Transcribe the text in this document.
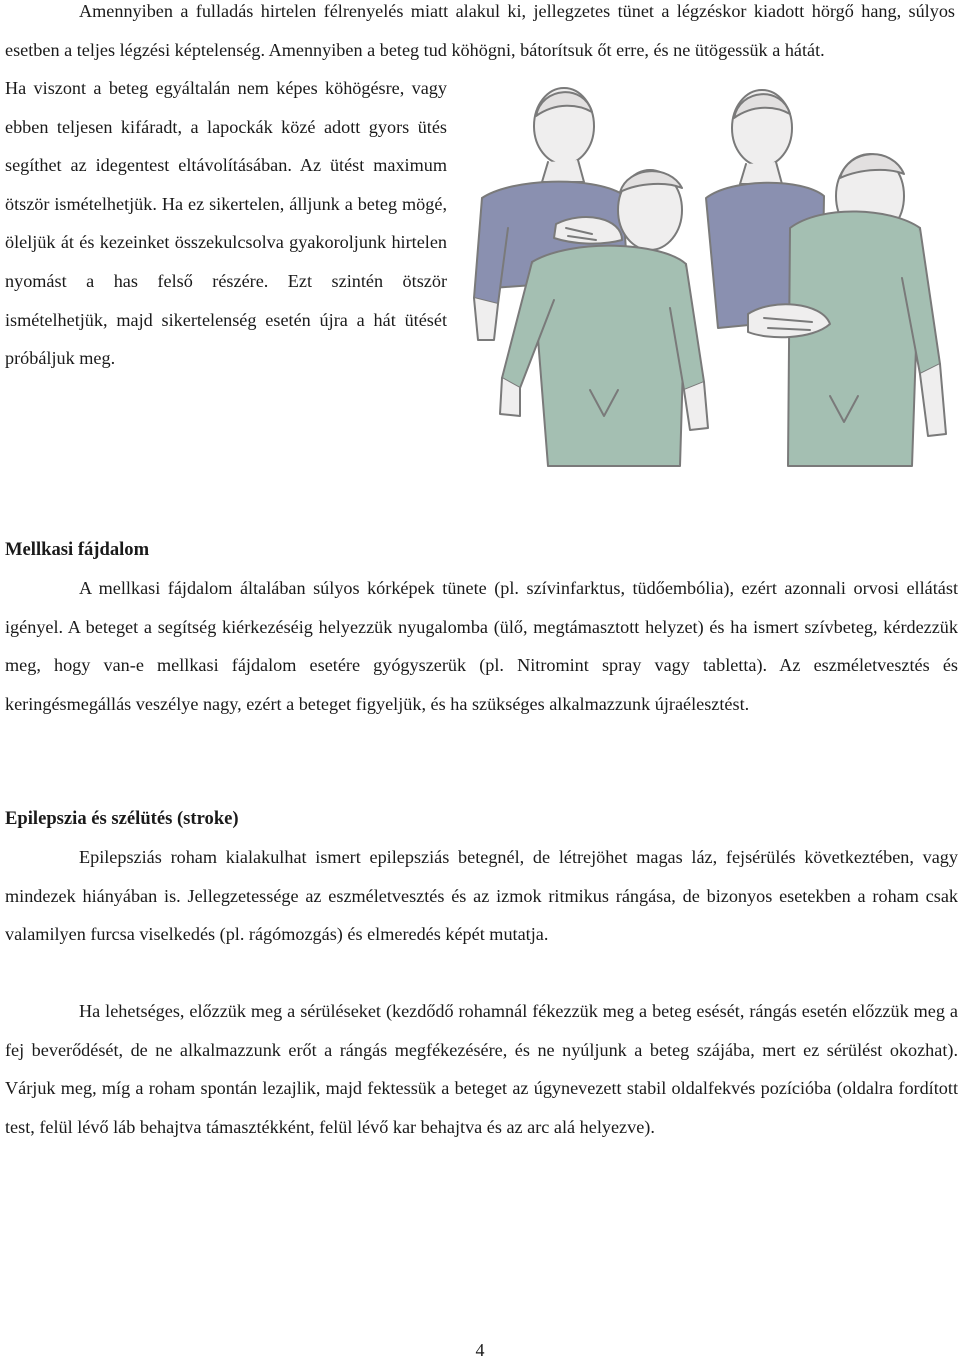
Amennyiben a fulladás hirtelen félrenyelés miatt alakul ki, jellegzetes tünet a légzéskor kiadott hörgő hang, súlyos esetben a teljes légzési képtelenség. Amennyiben a beteg tud köhögni, bátorítsuk őt erre, és ne ütögessük a hátát.

Ha viszont a beteg egyáltalán nem képes köhögésre, vagy ebben teljesen kifáradt, a lapockák közé adott gyors ütés segíthet az idegentest eltávolításában. Az ütést maximum ötször ismételhetjük. Ha ez sikertelen, álljunk a beteg mögé, öleljük át és kezeinket összekulcsolva gyakoroljunk hirtelen nyomást a has felső részére. Ezt szintén ötször ismételhetjük, majd sikertelenség esetén újra a hát ütését próbáljuk meg.

Mellkasi fájdalom

A mellkasi fájdalom általában súlyos kórképek tünete (pl. szívinfarktus, tüdőembólia), ezért azonnali orvosi ellátást igényel. A beteget a segítség kiérkezéséig helyezzük nyugalomba (ülő, megtámasztott helyzet) és ha ismert szívbeteg, kérdezzük meg, hogy van-e mellkasi fájdalom esetére gyógyszerük (pl. Nitromint spray vagy tabletta). Az eszméletvesztés és keringésmegállás veszélye nagy, ezért a beteget figyeljük, és ha szükséges alkalmazzunk újraélesztést.

Epilepszia és szélütés (stroke)

Epilepsziás roham kialakulhat ismert epilepsziás betegnél, de létrejöhet magas láz, fejsérülés következtében, vagy mindezek hiányában is. Jellegzetessége az eszméletvesztés és az izmok ritmikus rángása, de bizonyos esetekben a roham csak valamilyen furcsa viselkedés (pl. rágómozgás) és elmeredés képét mutatja.

Ha lehetséges, előzzük meg a sérüléseket (kezdődő rohamnál fékezzük meg a beteg esését, rángás esetén előzzük meg a fej beverődését, de ne alkalmazzunk erőt a rángás megfékezésére, és ne nyúljunk a beteg szájába, mert ez sérülést okozhat). Várjuk meg, míg a roham spontán lezajlik, majd fektessük a beteget az úgynevezett stabil oldalfekvés pozícióba (oldalra fordított test, felül lévő láb behajtva támasztékként, felül lévő kar behajtva és az arc alá helyezve).

4
